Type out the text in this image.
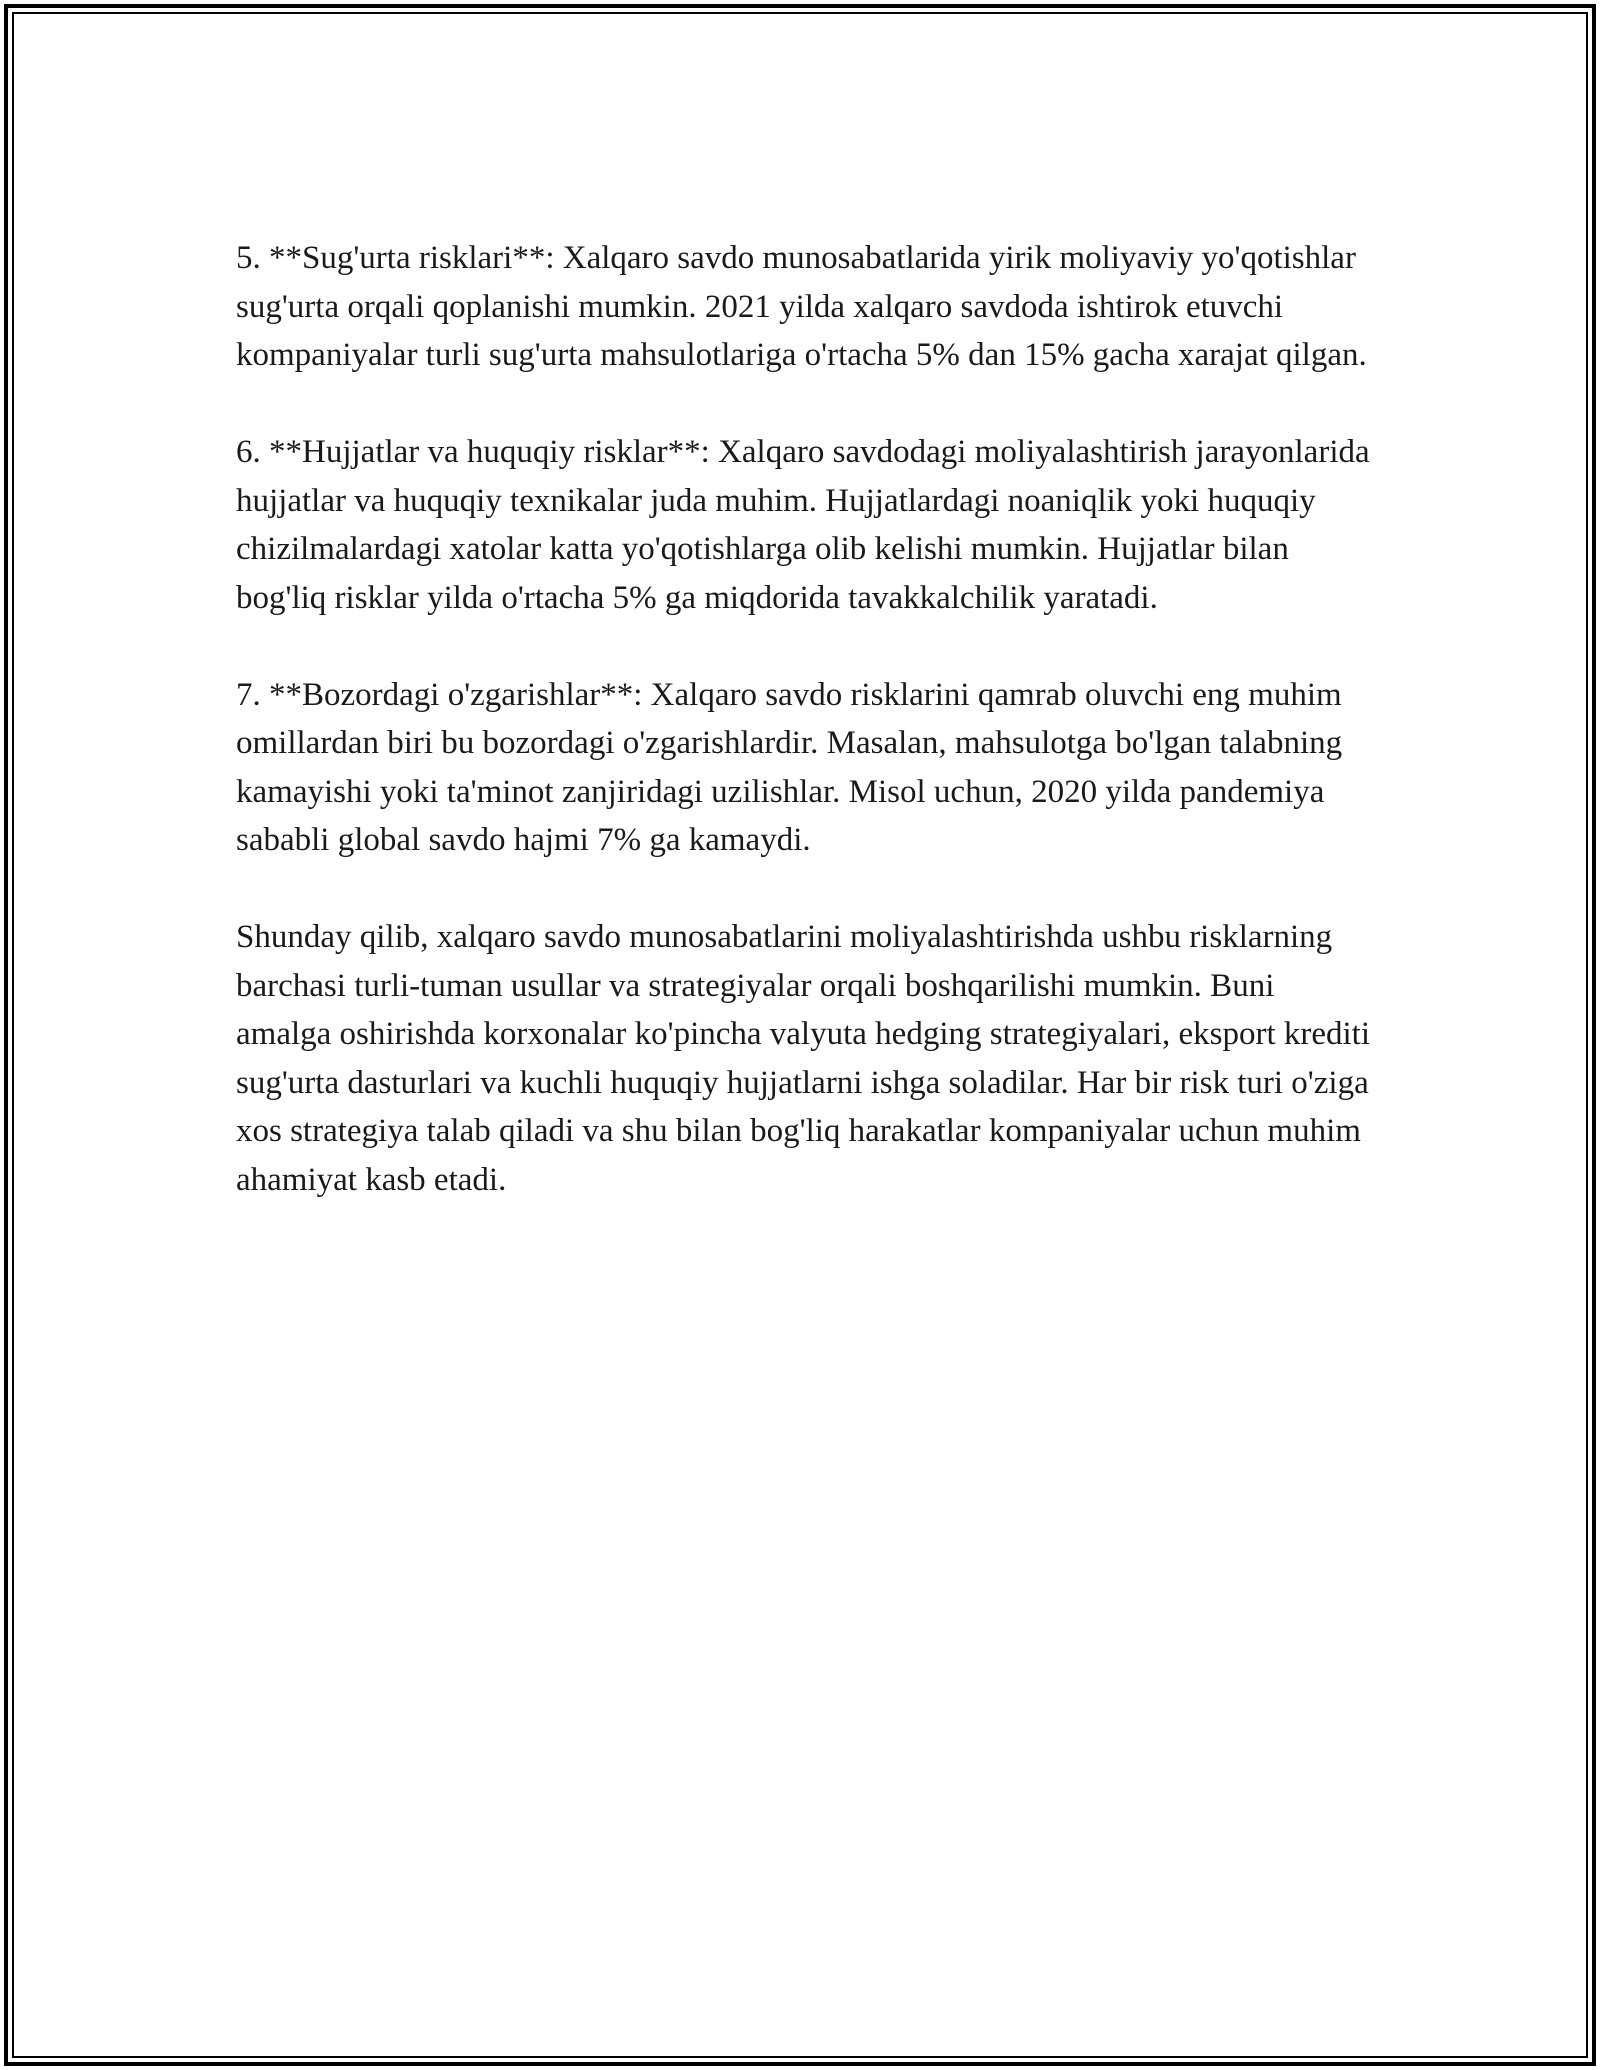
5. **Sug'urta risklari**: Xalqaro savdo munosabatlarida yirik moliyaviy yo'qotishlar sug'urta orqali qoplanishi mumkin. 2021 yilda xalqaro savdoda ishtirok etuvchi kompaniyalar turli sug'urta mahsulotlariga o'rtacha 5% dan 15% gacha xarajat qilgan.

6. **Hujjatlar va huquqiy risklar**: Xalqaro savdodagi moliyalashtirish jarayonlarida hujjatlar va huquqiy texnikalar juda muhim. Hujjatlardagi noaniqlik yoki huquqiy chizilmalardagi xatolar katta yo'qotishlarga olib kelishi mumkin. Hujjatlar bilan bog'liq risklar yilda o'rtacha 5% ga miqdorida tavakkalchilik yaratadi.

7. **Bozordagi o'zgarishlar**: Xalqaro savdo risklarini qamrab oluvchi eng muhim omillardan biri bu bozordagi o'zgarishlardir. Masalan, mahsulotga bo'lgan talabning kamayishi yoki ta'minot zanjiridagi uzilishlar. Misol uchun, 2020 yilda pandemiya sababli global savdo hajmi 7% ga kamaydi.

Shunday qilib, xalqaro savdo munosabatlarini moliyalashtirishda ushbu risklarning barchasi turli-tuman usullar va strategiyalar orqali boshqarilishi mumkin. Buni amalga oshirishda korxonalar ko'pincha valyuta hedging strategiyalari, eksport krediti sug'urta dasturlari va kuchli huquqiy hujjatlarni ishga soladilar. Har bir risk turi o'ziga xos strategiya talab qiladi va shu bilan bog'liq harakatlar kompaniyalar uchun muhim ahamiyat kasb etadi.
